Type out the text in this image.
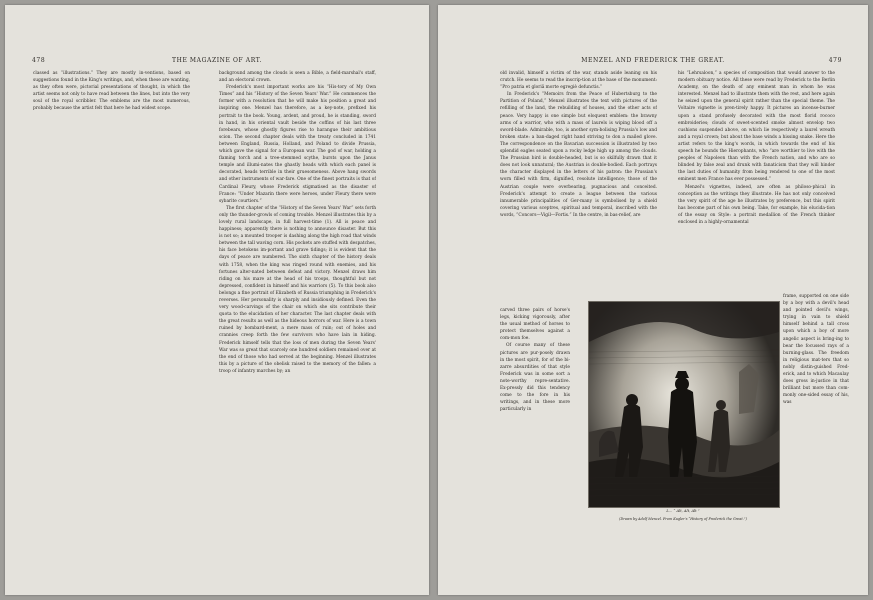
478	THE MAGAZINE OF ART.

classed as “illustrations.” They are mostly in-ventions, based on suggestions found in the King's writings, and, when these are wanting, as they often were, pictorial presentations of thought, in which the artist seems not only to have read between the lines, but into the very soul of the royal scribbler. The emblems are the most numerous, probably because the artist felt that here he had widest scope.

background among the clouds is seen a Bible, a field-marshal's staff, and an electoral crown.

Frederick's most important works are his “His-tory of My Own Times” and his “History of the Seven Years' War.” He commences the former with a resolution that he will make his position a great and inspiring one. Menzel has therefore, as a key-note, prefixed his portrait to the book. Young, ardent, and proud, he is standing, sword in hand, in his oriental vault beside the coffins of his last three forebears, whose ghostly figures rise to harangue their ambitious scion. The second chapter deals with the treaty concluded in 1741 between England, Russia, Holland, and Poland to divide Prussia, which gave the signal for a European war. The god of war, holding a flaming torch and a tree-stemmed scythe, bursts upon the Janus temple and illumi-nates the ghastly heads with which each panel is decorated, heads terrible in their gruesomeness. Above hang swords and other instruments of war-fare. One of the finest portraits is that of Cardinal Fleury, whose Frederick stigmatised as the disaster of France: “Under Mazarin there were heroes, under Fleury there were sybarite courtiers.”

The first chapter of the “History of the Seven Years' War” sets forth only the thunder-growls of coming trouble. Menzel illustrates this by a lovely rural landscape, in full harvest-time (1). All is peace and happiness; apparently there is nothing to announce disaster. But this is not so; a mounted trooper is dashing along the high road that winds between the tall waving corn. His pockets are stuffed with despatches, his face betokens im-portant and grave tidings; it is evident that the days of peace are numbered. The sixth chapter of the history deals with 1758, when the king was ringed round with enemies, and his fortunes alter-nated between defeat and victory. Menzel draws him riding on his mare at the head of his troops, thoughtful but not depressed, confident in himself and his warriors (5). To this book also belongs a fine portrait of Elizabeth of Russia triumphing in Frederick's reverses. Her personality is sharply and insidiously defined. Even the very wood-carvings of the chair on which she sits contribute their quota to the elucidation of her character. The last chapter deals with the great results as well as the hideous horrors of war. Here is a town ruined by bombard-ment, a mere mass of ruin; out of holes and crannies creep forth the few survivors who have lain in hiding. Frederick himself tells that the loss of men during the Seven Years' War was so great that scarcely one hundred soldiers remained over at the end of those who had served at the beginning. Menzel illustrates this by a picture of the obelisk raised to the memory of the fallen: a troop of infantry marches by; an

MENZEL AND FREDERICK THE GREAT.	479

old invalid, himself a victim of the war, stands aside leaning on his crutch. He seems to read the inscrip-tion at the base of the monument: “Pro patria et gloriâ morte egregiè defunctis.”

In Frederick's “Memoirs from the Peace of Hubertsburg to the Partition of Poland,” Menzel illustrates the text with pictures of the refilling of the land, the rebuilding of houses, and the other acts of peace. Very happy is one simple but eloquent emblem: the brawny arms of a warrior, who with a mass of laurels is wiping blood off a sword-blade. Admirable, too, is another sym-bolising Prussia's low and broken state: a ban-daged right hand striving to don a mailed glove. The correspondence on the Bavarian succession is illustrated by two splendid eagles seated upon a rocky ledge high up among the clouds. The Prussian bird is double-headed, but is so skilfully drawn that it does not look unnatural; the Austrian is double-bodied. Each portrays the character displayed in the letters of his patron: the Prussian's worn filled with firm, dignified, resolute intelligence; those of the Austrian couple were overbearing, pugnacious and conceited. Frederick's attempt to create a league between the various innumerable principalities of Ger-many is symbolised by a shield covering various sceptres, spiritual and temporal, inscribed with the words, “Concors—Vigil—Fortis.” In the centre, in bas-relief, are

carved three pairs of horse's legs, kicking vigorously, after the usual method of horses to protect themselves against a com-mon foe.

Of course many of these pictures are pur-posely drawn in the most spirit, for of the bi-zarre absurdities of that style Frederick was in some sort a note-worthy repre-sentative. Ex-pressly did this tendency come to the fore in his writings, and in these more particularly in

his “Lehrsaloon,” a species of composition that would answer to the modern obituary notice. All these were read by Frederick to the Berlin Academy, on the death of any eminent man in whom he was interested. Menzel had to illustrate them with the rest, and here again he seized upon the general spirit rather than the special theme. The Voltaire vignette is pren-tirely happy. It pictures an incense-burner upon a stand profusely decorated with the most florid rococo embroideries; clouds of sweet-scented smoke almost envelop two cushions suspended above, on which lie respectively a laurel wreath and a royal crown; but about the base winds a hissing snake. Here the artist refers to the king's words, in which towards the end of his speech he bounds the Hierophants, who “are worthier to live with the peoples of Napoleon than with the French nation, and who are so blinded by false zeal and drunk with fanaticism that they will hinder the last duties of humanity from being rendered to one of the most eminent men France has ever possessed.”

Menzel's vignettes, indeed, are often as philoso-phical in conception as the writings they illustrate. He has not only conceived the very spirit of the age he illustrates by preference, but this spirit has become part of his own being. Take, for example, his elucida-tion of the essay on Style: a portrait medallion of the French thinker enclosed in a highly-ornamental

frame, supported on one side by a boy with a devil's head and pointed devil's wings, trying in vain to shield himself behind a tall cross upon which a boy of more angelic aspect is bring-ing to bear the focussed rays of a burning-glass. The freedom in religious mat-ters that so nobly distin-guished Fred-erick, and to which Macaulay does gross in-justice in that brilliant but more than com-monly one-sided essay of his, was

L… “ Alt, Alt, Alt ”
(Drawn by Adolf Menzel. From Kugler's “History of Frederick the Great.”)
